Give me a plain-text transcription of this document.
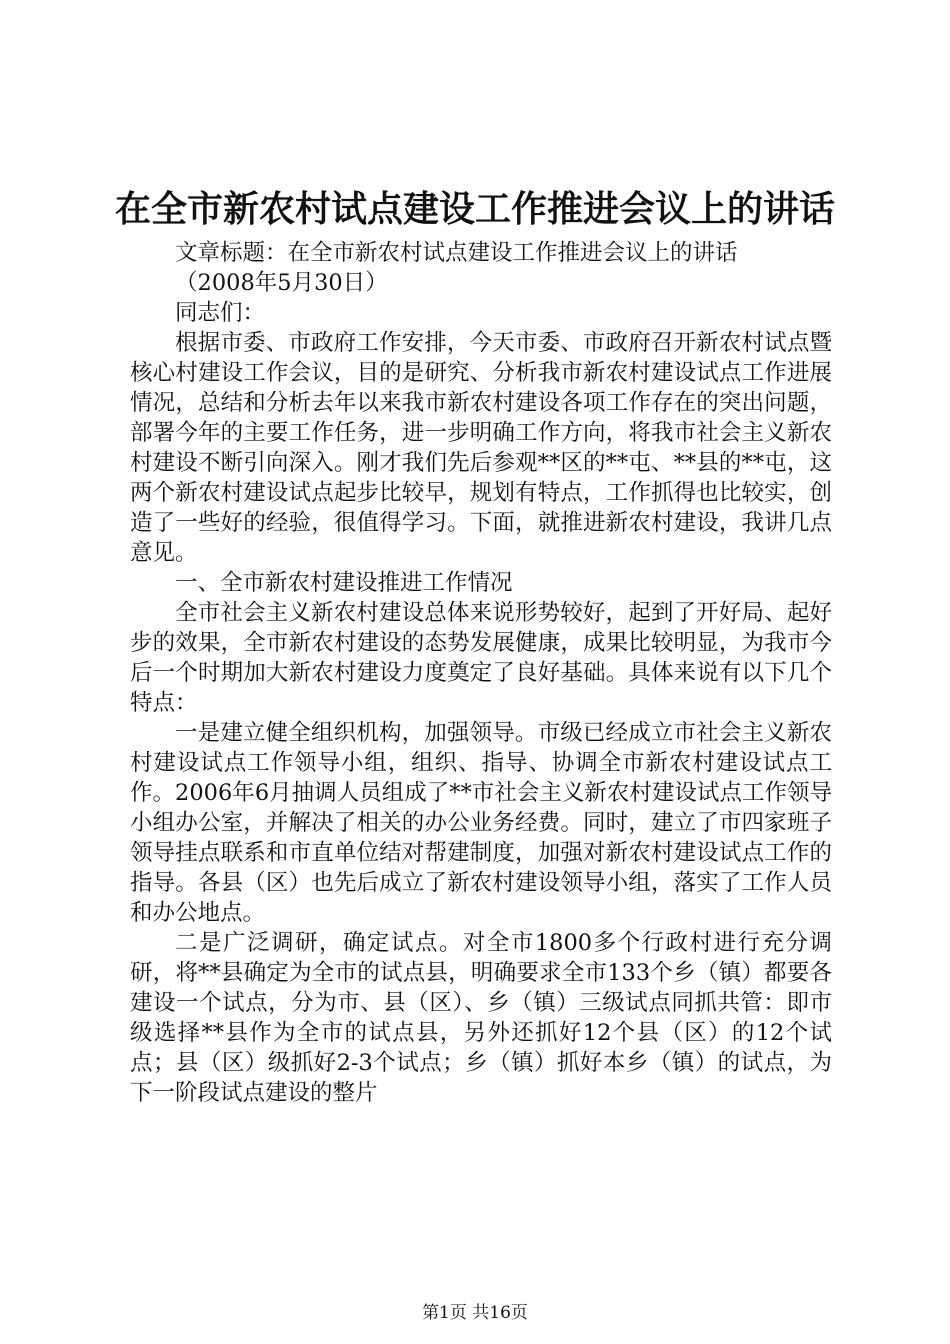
在全市新农村试点建设工作推进会议上的讲话

文章标题：在全市新农村试点建设工作推进会议上的讲话

（2008年5月30日）

同志们：

根据市委、市政府工作安排，今天市委、市政府召开新农村试点暨核心村建设工作会议，目的是研究、分析我市新农村建设试点工作进展情况，总结和分析去年以来我市新农村建设各项工作存在的突出问题，部署今年的主要工作任务，进一步明确工作方向，将我市社会主义新农村建设不断引向深入。刚才我们先后参观**区的**屯、**县的**屯，这两个新农村建设试点起步比较早，规划有特点，工作抓得也比较实，创造了一些好的经验，很值得学习。下面，就推进新农村建设，我讲几点意见。

一、全市新农村建设推进工作情况

全市社会主义新农村建设总体来说形势较好，起到了开好局、起好步的效果，全市新农村建设的态势发展健康，成果比较明显，为我市今后一个时期加大新农村建设力度奠定了良好基础。具体来说有以下几个特点：

一是建立健全组织机构，加强领导。市级已经成立市社会主义新农村建设试点工作领导小组，组织、指导、协调全市新农村建设试点工作。2006年6月抽调人员组成了**市社会主义新农村建设试点工作领导小组办公室，并解决了相关的办公业务经费。同时，建立了市四家班子领导挂点联系和市直单位结对帮建制度，加强对新农村建设试点工作的指导。各县（区）也先后成立了新农村建设领导小组，落实了工作人员和办公地点。

二是广泛调研，确定试点。对全市1800多个行政村进行充分调研，将**县确定为全市的试点县，明确要求全市133个乡（镇）都要各建设一个试点，分为市、县（区）、乡（镇）三级试点同抓共管：即市级选择**县作为全市的试点县，另外还抓好12个县（区）的12个试点；县（区）级抓好2-3个试点；乡（镇）抓好本乡（镇）的试点，为下一阶段试点建设的整片

第1页 共16页
